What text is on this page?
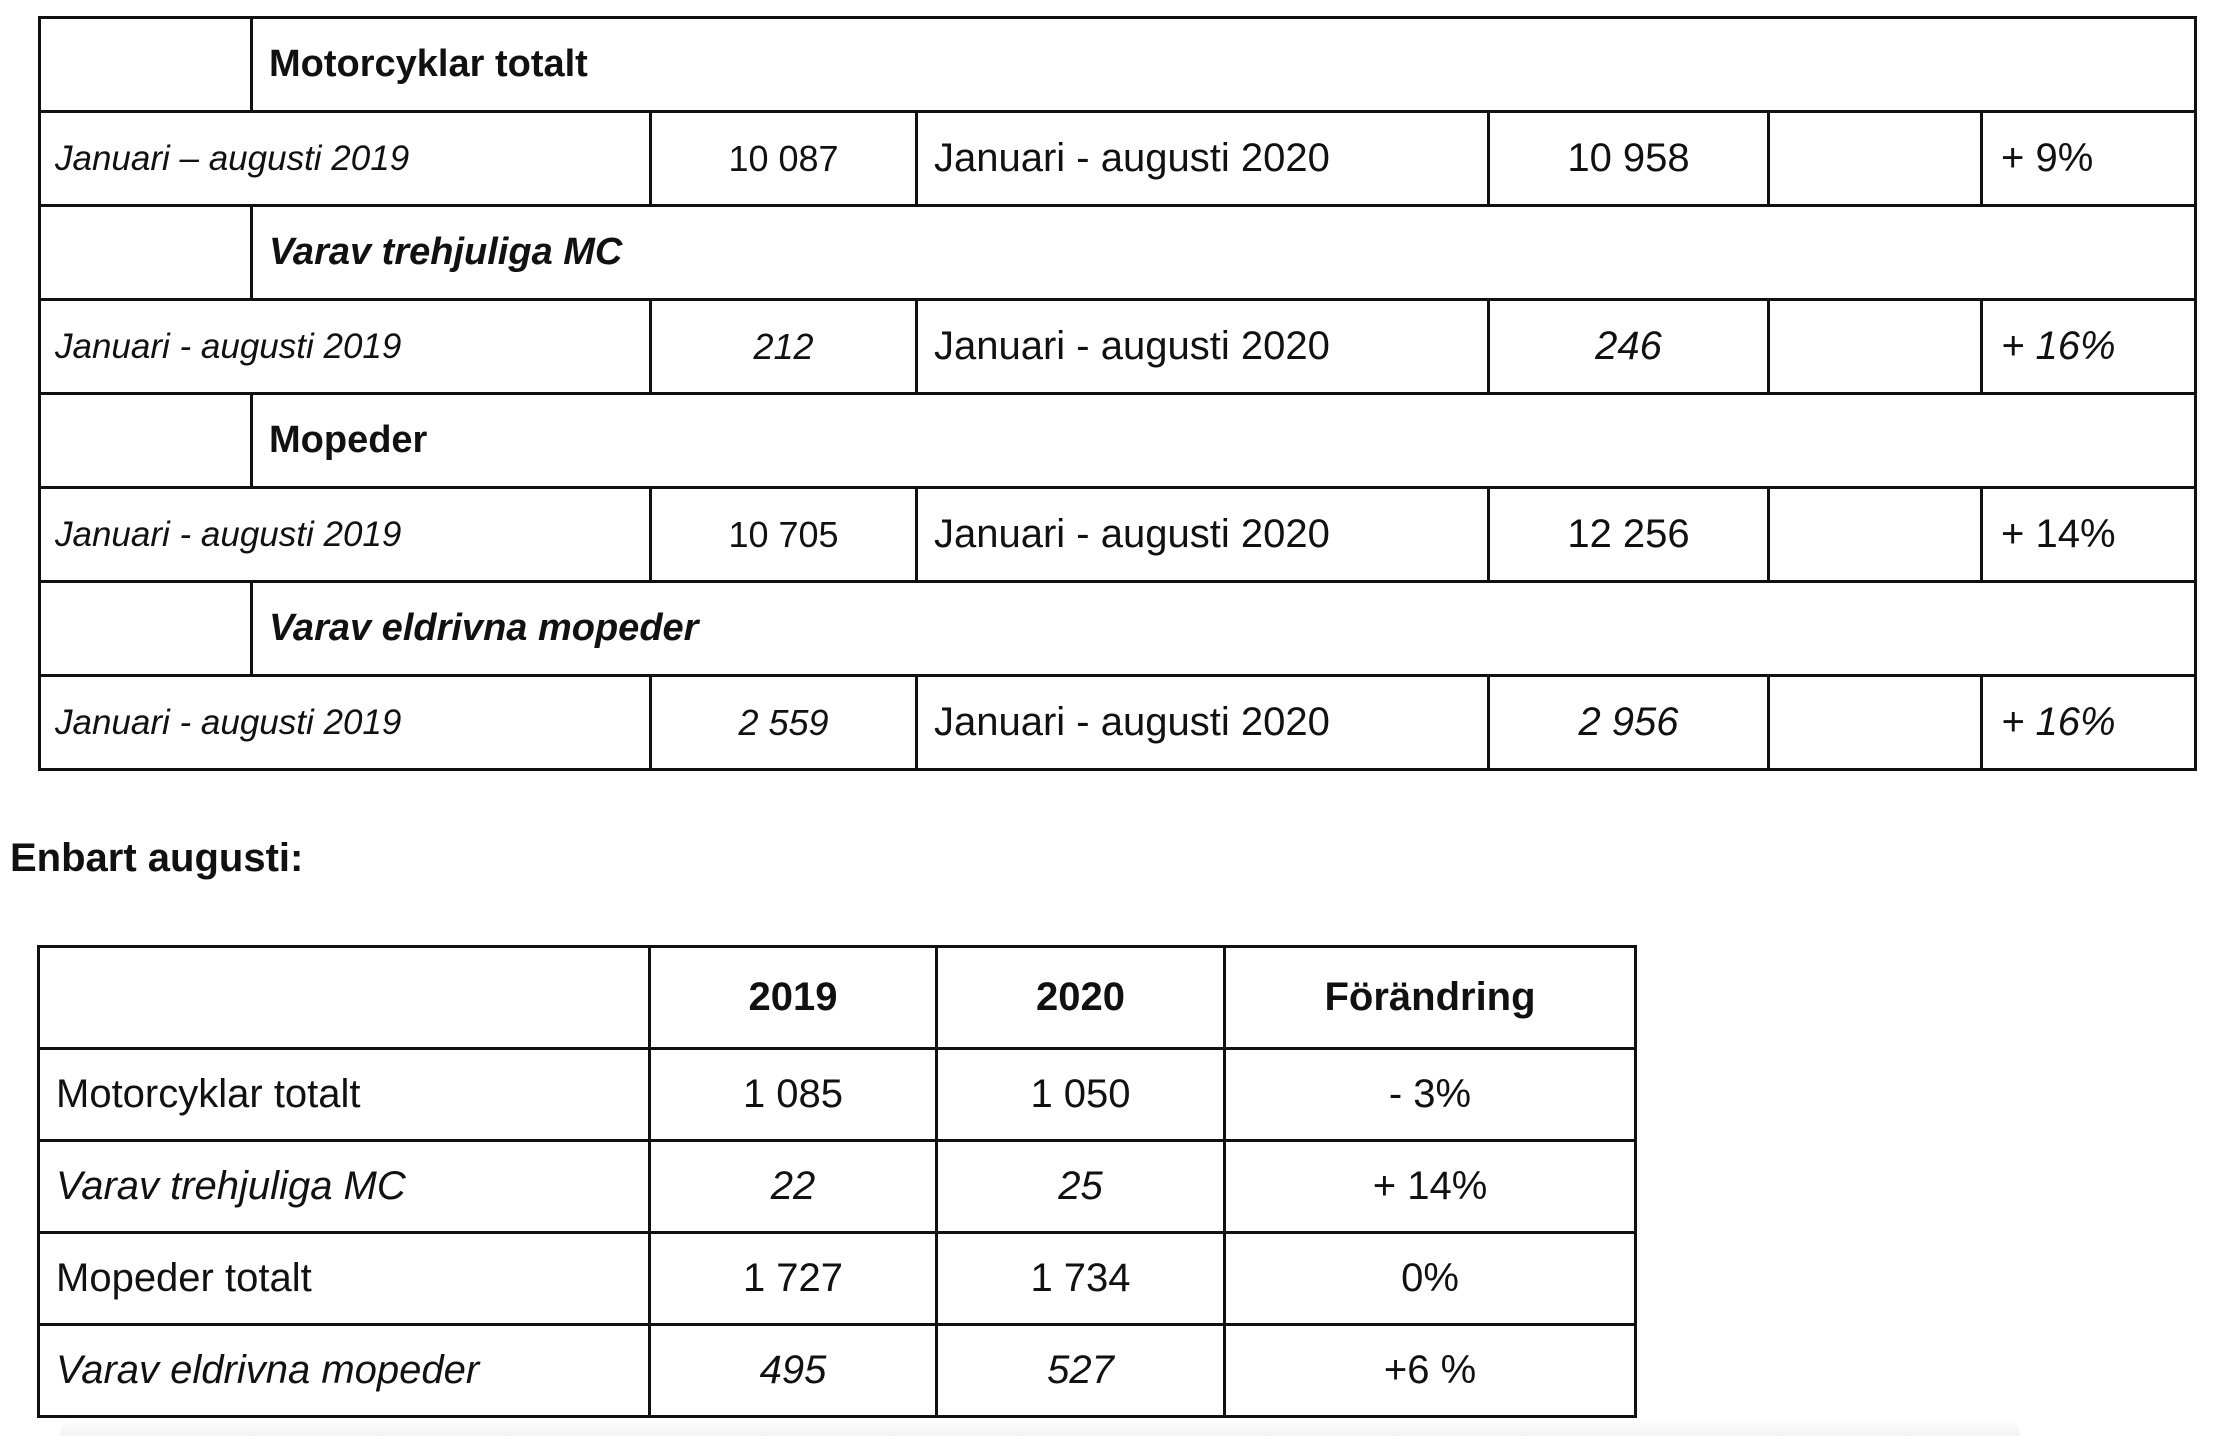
	Motorcyklar totalt					
Januari – augusti 2019		10 087	Januari - augusti 2020	10 958		+ 9%
	Varav trehjuliga MC					
Januari - augusti 2019		212	Januari - augusti 2020	246		+ 16%
	Mopeder					
Januari - augusti 2019		10 705	Januari - augusti 2020	12 256		+ 14%
	Varav eldrivna mopeder					
Januari - augusti 2019		2 559	Januari - augusti 2020	2 956		+ 16%
Enbart augusti:
	2019	2020	Förändring
Motorcyklar totalt	1 085	1 050	- 3%
Varav trehjuliga MC	22	25	+ 14%
Mopeder totalt	1 727	1 734	0%
Varav eldrivna mopeder	495	527	+6 %
